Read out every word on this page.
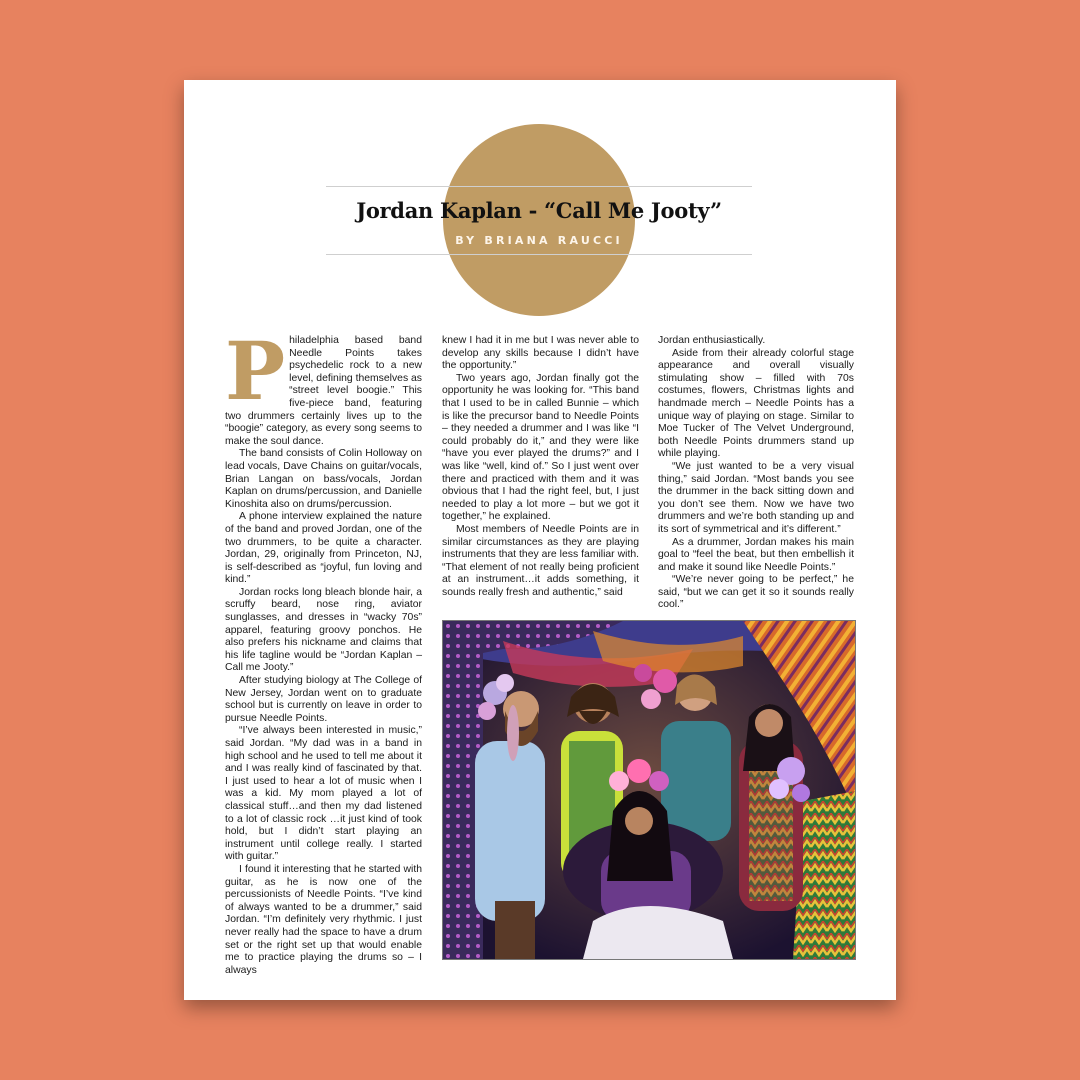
Jordan Kaplan - “Call Me Jooty”
BY BRIANA RAUCCI

Philadelphia based band Needle Points takes psychedelic rock to a new level, defining themselves as “street level boogie.” This five-piece band, featuring two drummers certainly lives up to the “boogie” category, as every song seems to make the soul dance.

The band consists of Colin Holloway on lead vocals, Dave Chains on guitar/vocals, Brian Langan on bass/vocals, Jordan Kaplan on drums/percussion, and Danielle Kinoshita also on drums/percussion.

A phone interview explained the nature of the band and proved Jordan, one of the two drummers, to be quite a character. Jordan, 29, originally from Princeton, NJ, is self-described as “joyful, fun loving and kind.”

Jordan rocks long bleach blonde hair, a scruffy beard, nose ring, aviator sunglasses, and dresses in “wacky 70s” apparel, featuring groovy ponchos. He also prefers his nickname and claims that his life tagline would be “Jordan Kaplan – Call me Jooty.”

After studying biology at The College of New Jersey, Jordan went on to graduate school but is currently on leave in order to pursue Needle Points.

“I’ve always been interested in music,” said Jordan. “My dad was in a band in high school and he used to tell me about it and I was really kind of fascinated by that. I just used to hear a lot of music when I was a kid. My mom played a lot of classical stuff…and then my dad listened to a lot of classic rock …it just kind of took hold, but I didn’t start playing an instrument until college really. I started with guitar.”

I found it interesting that he started with guitar, as he is now one of the percussionists of Needle Points. “I’ve kind of always wanted to be a drummer,” said Jordan. “I’m definitely very rhythmic. I just never really had the space to have a drum set or the right set up that would enable me to practice playing the drums so – I always

knew I had it in me but I was never able to develop any skills because I didn’t have the opportunity.”

Two years ago, Jordan finally got the opportunity he was looking for. “This band that I used to be in called Bunnie – which is like the precursor band to Needle Points – they needed a drummer and I was like “I could probably do it,” and they were like “have you ever played the drums?” and I was like “well, kind of.” So I just went over there and practiced with them and it was obvious that I had the right feel, but, I just needed to play a lot more – but we got it together,” he explained.

Most members of Needle Points are in similar circumstances as they are playing instruments that they are less familiar with. “That element of not really being proficient at an instrument…it adds something, it sounds really fresh and authentic,” said

Jordan enthusiastically.

Aside from their already colorful stage appearance and overall visually stimulating show – filled with 70s costumes, flowers, Christmas lights and handmade merch – Needle Points has a unique way of playing on stage. Similar to Moe Tucker of The Velvet Underground, both Needle Points drummers stand up while playing.

“We just wanted to be a very visual thing,” said Jordan. “Most bands you see the drummer in the back sitting down and you don’t see them. Now we have two drummers and we’re both standing up and its sort of symmetrical and it’s different.”

As a drummer, Jordan makes his main goal to “feel the beat, but then embellish it and make it sound like Needle Points.”

“We’re never going to be perfect,” he said, “but we can get it so it sounds really cool.”
